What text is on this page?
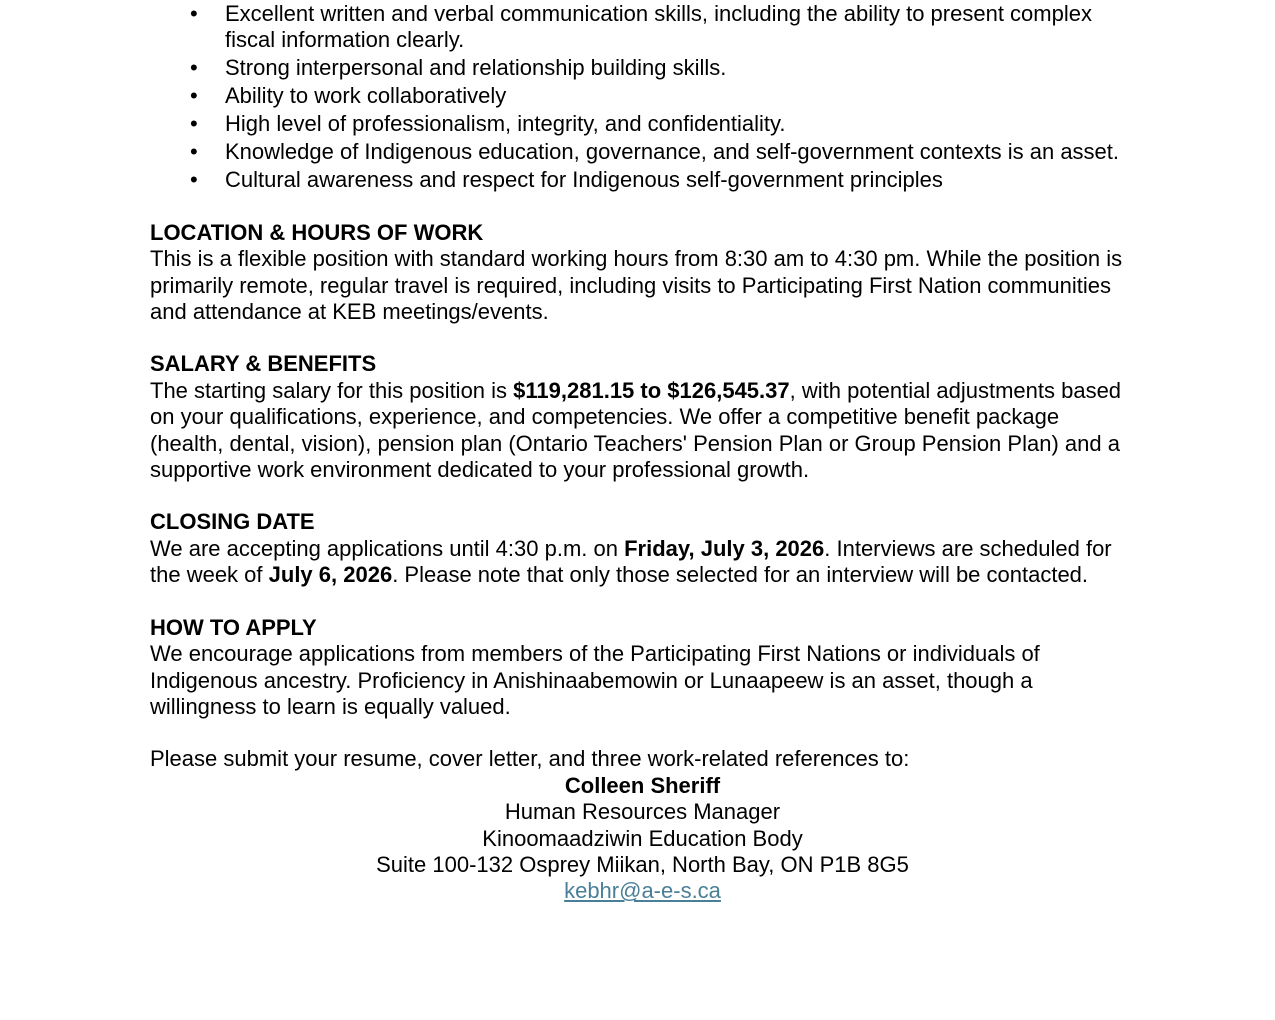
• Excellent written and verbal communication skills, including the ability to present complex fiscal information clearly.
• Strong interpersonal and relationship building skills.
• Ability to work collaboratively
• High level of professionalism, integrity, and confidentiality.
• Knowledge of Indigenous education, governance, and self-government contexts is an asset.
• Cultural awareness and respect for Indigenous self-government principles
LOCATION & HOURS OF WORK

This is a flexible position with standard working hours from 8:30 am to 4:30 pm. While the position is primarily remote, regular travel is required, including visits to Participating First Nation communities and attendance at KEB meetings/events.

SALARY & BENEFITS

The starting salary for this position is $119,281.15 to $126,545.37, with potential adjustments based on your qualifications, experience, and competencies. We offer a competitive benefit package (health, dental, vision), pension plan (Ontario Teachers' Pension Plan or Group Pension Plan) and a supportive work environment dedicated to your professional growth.

CLOSING DATE

We are accepting applications until 4:30 p.m. on Friday, July 3, 2026. Interviews are scheduled for the week of July 6, 2026. Please note that only those selected for an interview will be contacted.

HOW TO APPLY

We encourage applications from members of the Participating First Nations or individuals of Indigenous ancestry. Proficiency in Anishinaabemowin or Lunaapeew is an asset, though a willingness to learn is equally valued.

Please submit your resume, cover letter, and three work-related references to:

Colleen Sheriff
Human Resources Manager
Kinoomaadziwin Education Body
Suite 100-132 Osprey Miikan, North Bay, ON P1B 8G5
kebhr@a-e-s.ca
